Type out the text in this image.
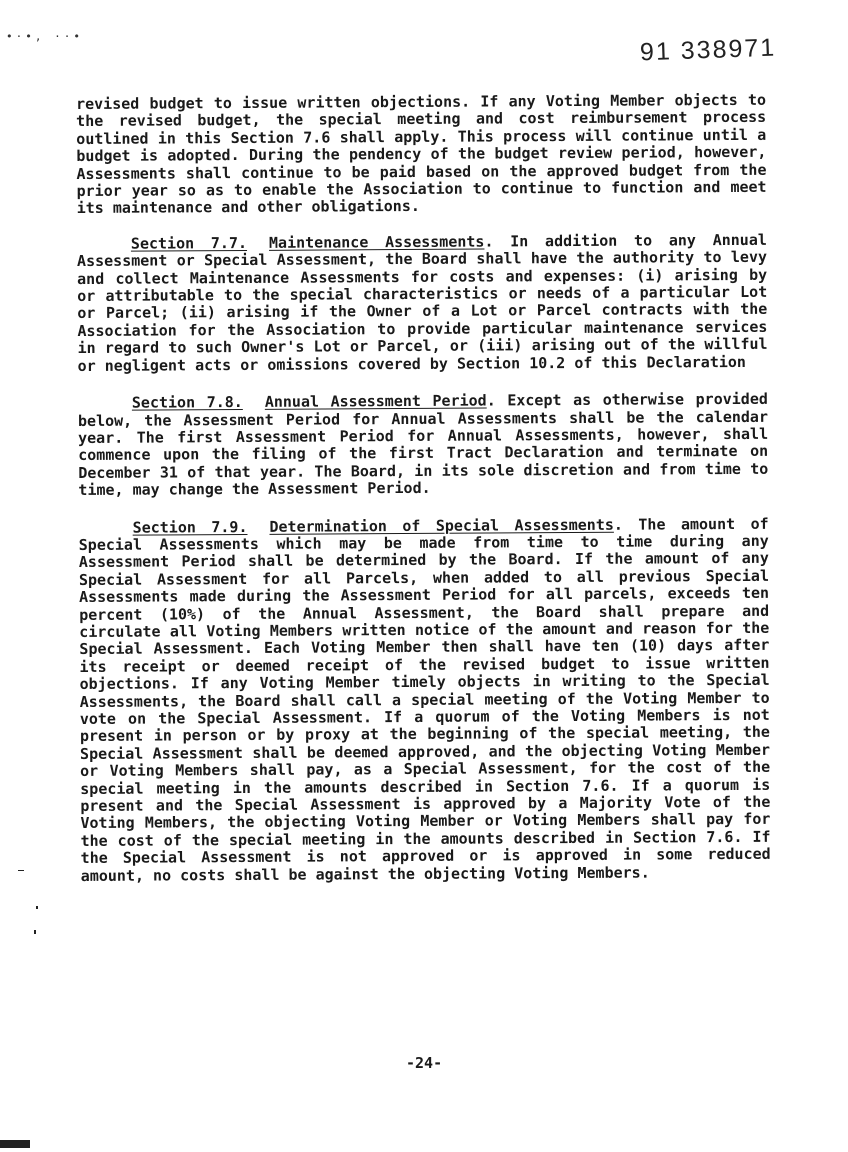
•·•, ··•	91 338971

revised budget to issue written objections. If any Voting Member objects to the revised budget, the special meeting and cost reimbursement process outlined in this Section 7.6 shall apply. This process will continue until a budget is adopted. During the pendency of the budget review period, however, Assessments shall continue to be paid based on the approved budget from the prior year so as to enable the Association to continue to function and meet its maintenance and other obligations.

Section 7.7. Maintenance Assessments. In addition to any Annual Assessment or Special Assessment, the Board shall have the authority to levy and collect Maintenance Assessments for costs and expenses: (i) arising by or attributable to the special characteristics or needs of a particular Lot or Parcel; (ii) arising if the Owner of a Lot or Parcel contracts with the Association for the Association to provide particular maintenance services in regard to such Owner's Lot or Parcel, or (iii) arising out of the willful or negligent acts or omissions covered by Section 10.2 of this Declaration

Section 7.8. Annual Assessment Period. Except as otherwise provided below, the Assessment Period for Annual Assessments shall be the calendar year. The first Assessment Period for Annual Assessments, however, shall commence upon the filing of the first Tract Declaration and terminate on December 31 of that year. The Board, in its sole discretion and from time to time, may change the Assessment Period.

Section 7.9. Determination of Special Assessments. The amount of Special Assessments which may be made from time to time during any Assessment Period shall be determined by the Board. If the amount of any Special Assessment for all Parcels, when added to all previous Special Assessments made during the Assessment Period for all parcels, exceeds ten percent (10%) of the Annual Assessment, the Board shall prepare and circulate all Voting Members written notice of the amount and reason for the Special Assessment. Each Voting Member then shall have ten (10) days after its receipt or deemed receipt of the revised budget to issue written objections. If any Voting Member timely objects in writing to the Special Assessments, the Board shall call a special meeting of the Voting Member to vote on the Special Assessment. If a quorum of the Voting Members is not present in person or by proxy at the beginning of the special meeting, the Special Assessment shall be deemed approved, and the objecting Voting Member or Voting Members shall pay, as a Special Assessment, for the cost of the special meeting in the amounts described in Section 7.6. If a quorum is present and the Special Assessment is approved by a Majority Vote of the Voting Members, the objecting Voting Member or Voting Members shall pay for the cost of the special meeting in the amounts described in Section 7.6. If the Special Assessment is not approved or is approved in some reduced amount, no costs shall be against the objecting Voting Members.

-24-
